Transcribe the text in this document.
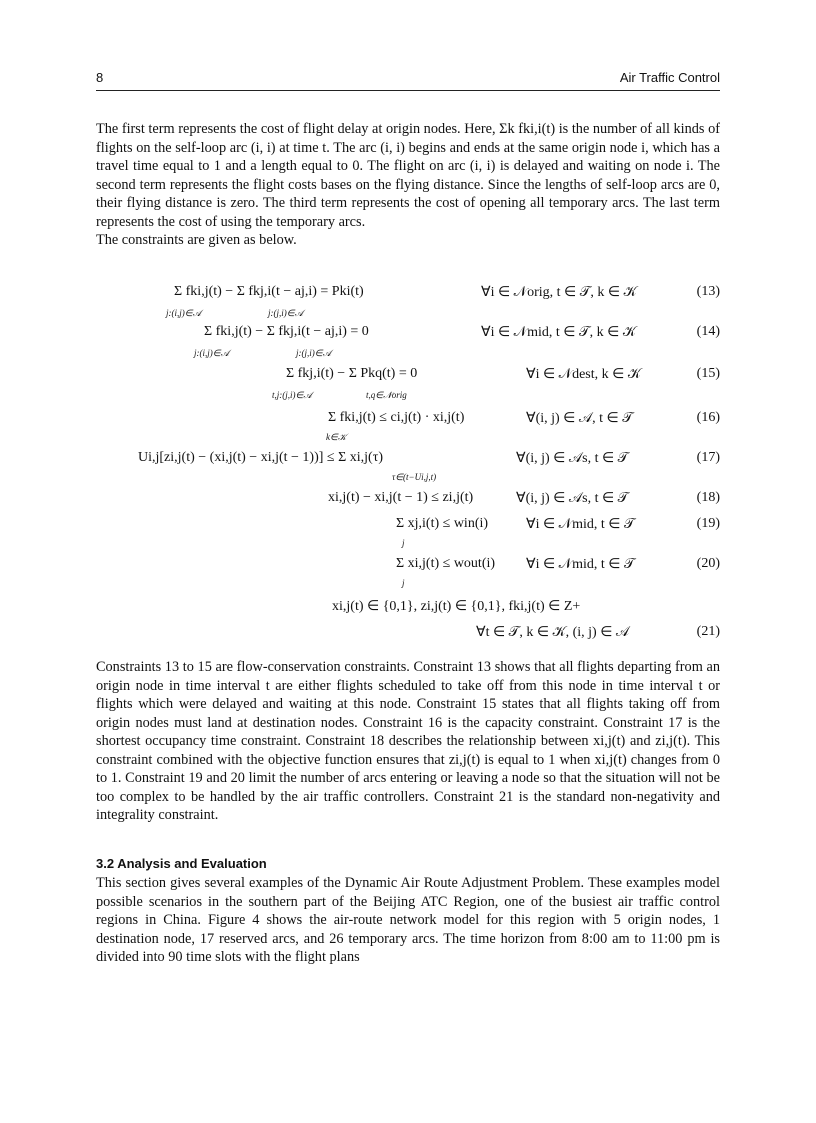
8	Air Traffic Control

The first term represents the cost of flight delay at origin nodes. Here, Σk fki,i(t) is the number of all kinds of flights on the self-loop arc (i, i) at time t. The arc (i, i) begins and ends at the same origin node i, which has a travel time equal to 1 and a length equal to 0. The flight on arc (i, i) is delayed and waiting on node i. The second term represents the flight costs bases on the flying distance. Since the lengths of self-loop arcs are 0, their flying distance is zero. The third term represents the cost of opening all temporary arcs. The last term represents the cost of using the temporary arcs.

The constraints are given as below.

Σ fki,j(t) − Σ fkj,i(t − aj,i) = Pki(t)
j:(i,j)∈𝒜	j:(j,i)∈𝒜
∀i ∈ 𝒩orig, t ∈ 𝒯, k ∈ 𝒦	(13)
Σ fki,j(t) − Σ fkj,i(t − aj,i) = 0
j:(i,j)∈𝒜	j:(j,i)∈𝒜
∀i ∈ 𝒩mid, t ∈ 𝒯, k ∈ 𝒦	(14)
Σ fkj,i(t) − Σ Pkq(t) = 0
t,j:(j,i)∈𝒜	t,q∈𝒩orig
∀i ∈ 𝒩dest, k ∈ 𝒦	(15)
Σ fki,j(t) ≤ ci,j(t) · xi,j(t)
k∈𝒦
∀(i, j) ∈ 𝒜, t ∈ 𝒯	(16)
Ui,j[zi,j(t) − (xi,j(t) − xi,j(t − 1))] ≤ Σ xi,j(τ)
τ∈(t−Ui,j,t)
∀(i, j) ∈ 𝒜s, t ∈ 𝒯	(17)
xi,j(t) − xi,j(t − 1) ≤ zi,j(t)	∀(i, j) ∈ 𝒜s, t ∈ 𝒯	(18)
Σ xj,i(t) ≤ win(i)
j
∀i ∈ 𝒩mid, t ∈ 𝒯	(19)
Σ xi,j(t) ≤ wout(i)
j
∀i ∈ 𝒩mid, t ∈ 𝒯	(20)
xi,j(t) ∈ {0,1}, zi,j(t) ∈ {0,1}, fki,j(t) ∈ Z+
∀t ∈ 𝒯, k ∈ 𝒦, (i, j) ∈ 𝒜	(21)

Constraints 13 to 15 are flow-conservation constraints. Constraint 13 shows that all flights departing from an origin node in time interval t are either flights scheduled to take off from this node in time interval t or flights which were delayed and waiting at this node. Constraint 15 states that all flights taking off from origin nodes must land at destination nodes. Constraint 16 is the capacity constraint. Constraint 17 is the shortest occupancy time constraint. Constraint 18 describes the relationship between xi,j(t) and zi,j(t). This constraint combined with the objective function ensures that zi,j(t) is equal to 1 when xi,j(t) changes from 0 to 1. Constraint 19 and 20 limit the number of arcs entering or leaving a node so that the situation will not be too complex to be handled by the air traffic controllers. Constraint 21 is the standard non-negativity and integrality constraint.

3.2 Analysis and Evaluation

This section gives several examples of the Dynamic Air Route Adjustment Problem. These examples model possible scenarios in the southern part of the Beijing ATC Region, one of the busiest air traffic control regions in China. Figure 4 shows the air-route network model for this region with 5 origin nodes, 1 destination node, 17 reserved arcs, and 26 temporary arcs. The time horizon from 8:00 am to 11:00 pm is divided into 90 time slots with the flight plans
